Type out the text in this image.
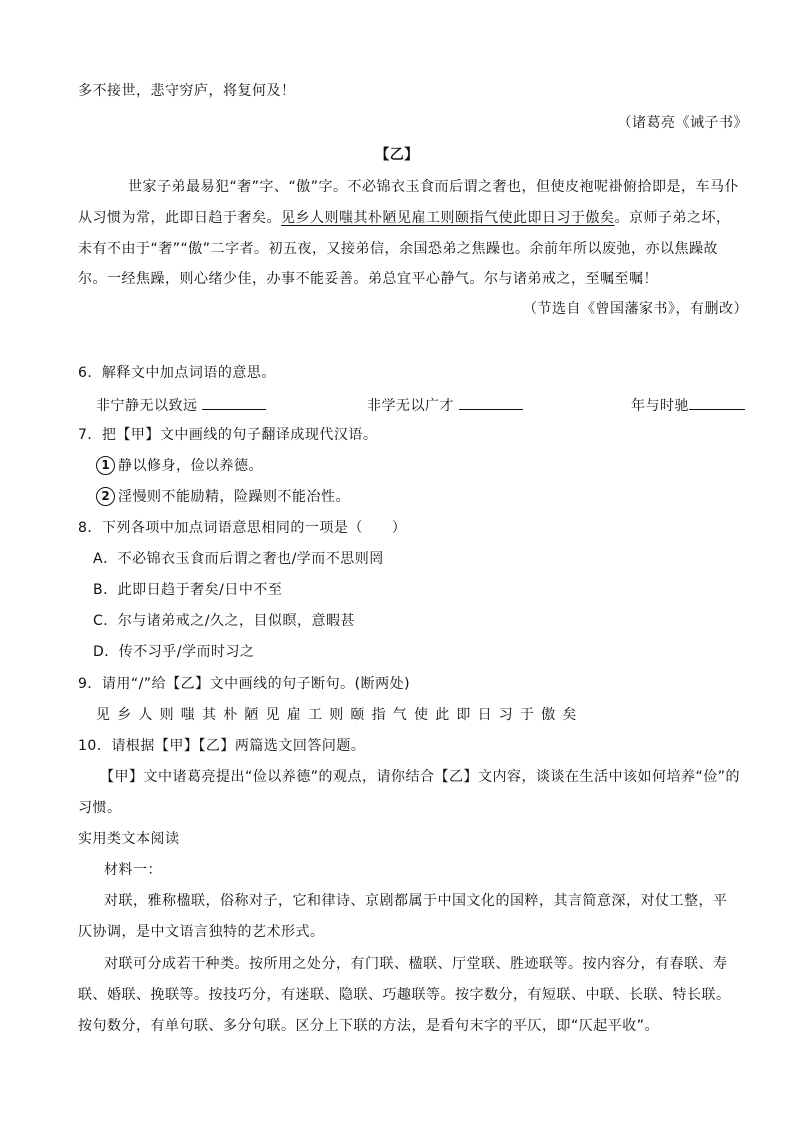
多不接世，悲守穷庐，将复何及！
（诸葛亮《诫子书》
【乙】
世家子弟最易犯“奢”字、“傲”字。不必锦衣玉食而后谓之奢也，但使皮袍呢褂俯拾即是，车马仆
从习惯为常，此即日趋于奢矣。见乡人则嗤其朴陋见雇工则颐指气使此即日习于傲矣。京师子弟之坏，
未有不由于“奢”“傲”二字者。初五夜，又接弟信，余国恐弟之焦躁也。余前年所以废弛，亦以焦躁故
尔。一经焦躁，则心绪少佳，办事不能妥善。弟总宜平心静气。尔与诸弟戒之，至嘱至嘱！
（节选自《曾国藩家书》，有删改）
6．解释文中加点词语的意思。
非宁静无以致远	非学无以广才	年与时驰
7．把【甲】文中画线的句子翻译成现代汉语。
1 静以修身，俭以养德。
2 淫慢则不能励精，险躁则不能冶性。
8．下列各项中加点词语意思相同的一项是（　　）
A．不必锦衣玉食而后谓之奢也/学而不思则罔
B．此即日趋于奢矣/日中不至
C．尔与诸弟戒之/久之，目似瞑，意暇甚
D．传不习乎/学而时习之
9．请用“/”给【乙】文中画线的句子断句。(断两处)
见乡人则嗤其朴陋见雇工则颐指气使此即日习于傲矣
10．请根据【甲】【乙】两篇选文回答问题。
【甲】文中诸葛亮提出“俭以养德”的观点，请你结合【乙】文内容，谈谈在生活中该如何培养“俭”的
习惯。
实用类文本阅读
材料一：
对联，雅称楹联，俗称对子，它和律诗、京剧都属于中国文化的国粹，其言简意深，对仗工整，平
仄协调，是中文语言独特的艺术形式。
对联可分成若干种类。按所用之处分，有门联、楹联、厅堂联、胜迹联等。按内容分，有春联、寿
联、婚联、挽联等。按技巧分，有迷联、隐联、巧趣联等。按字数分，有短联、中联、长联、特长联。
按句数分，有单句联、多分句联。区分上下联的方法，是看句末字的平仄，即“仄起平收”。
